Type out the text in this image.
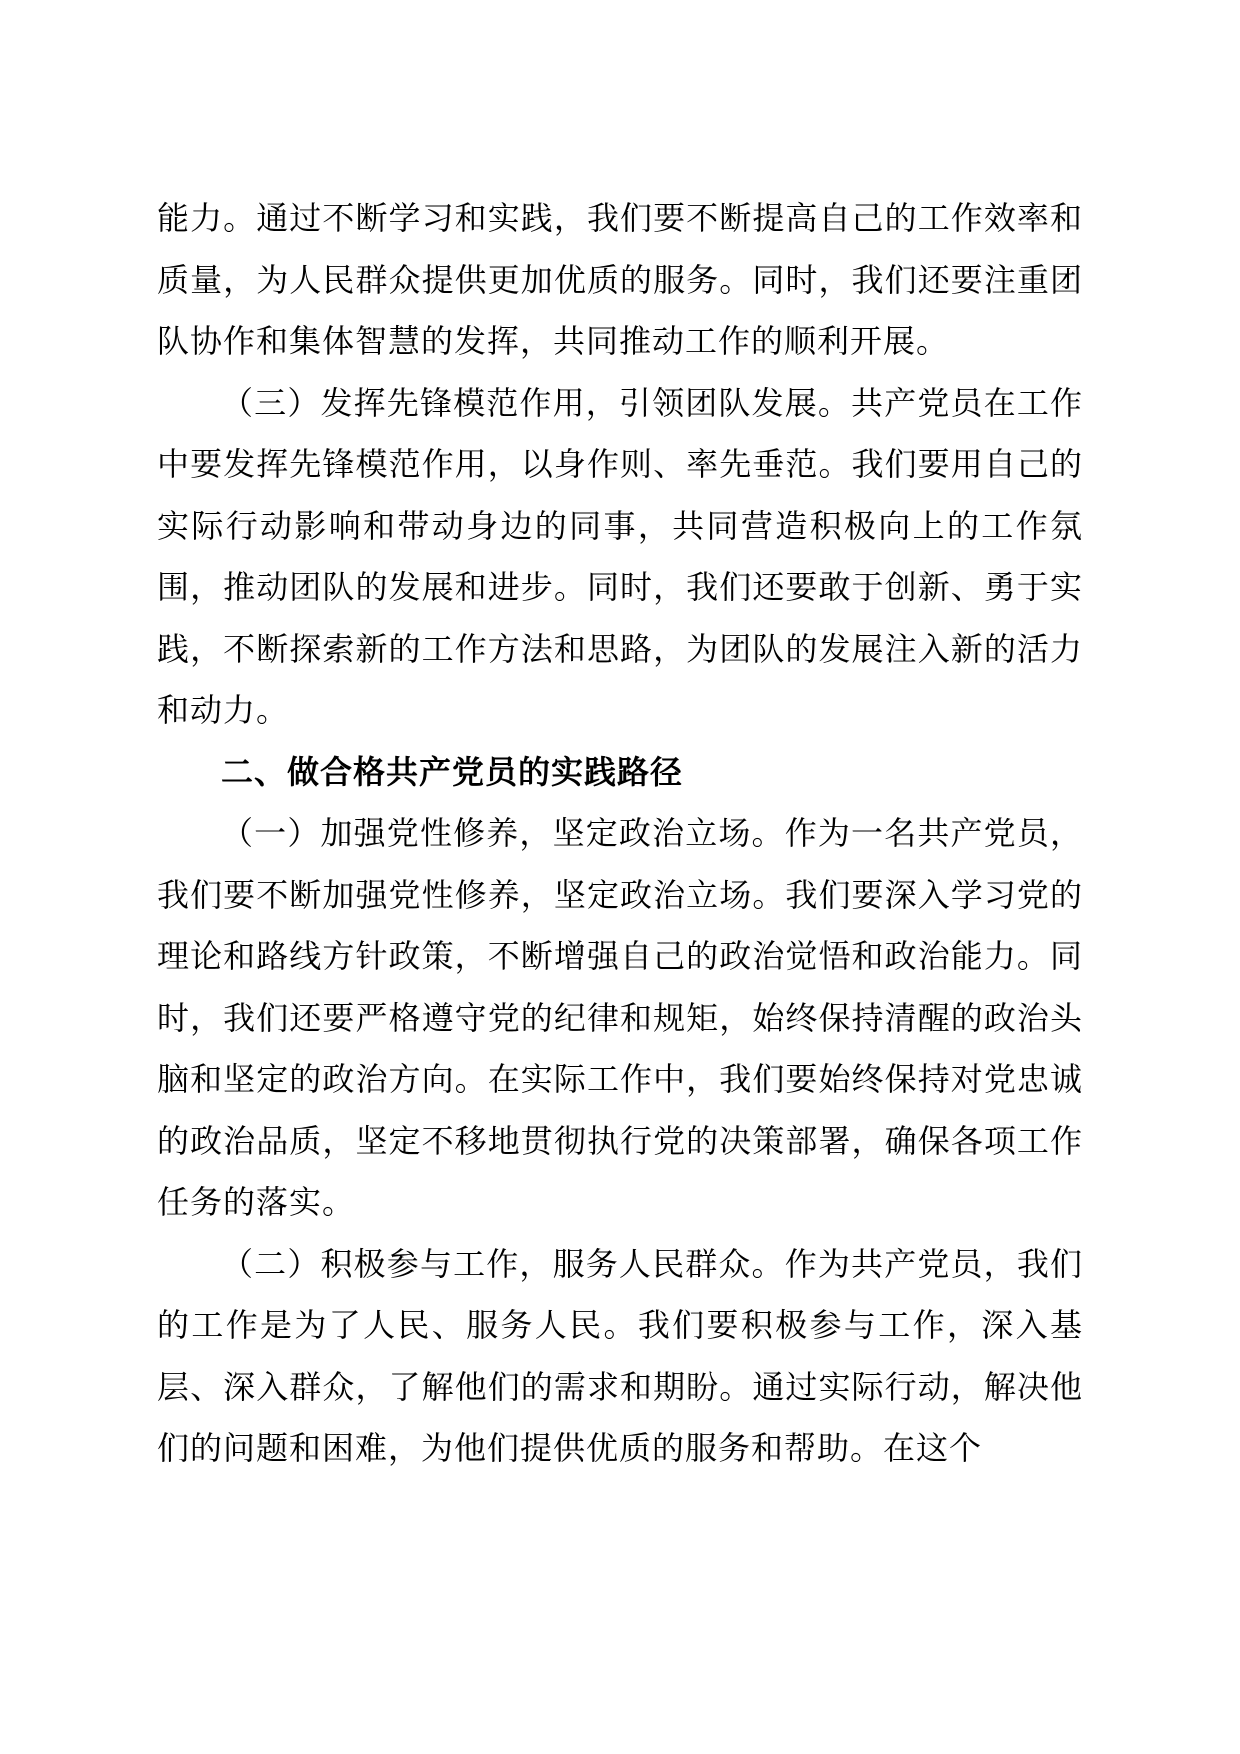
能力。通过不断学习和实践，我们要不断提高自己的工作效率和质量，为人民群众提供更加优质的服务。同时，我们还要注重团队协作和集体智慧的发挥，共同推动工作的顺利开展。

（三）发挥先锋模范作用，引领团队发展。共产党员在工作中要发挥先锋模范作用，以身作则、率先垂范。我们要用自己的实际行动影响和带动身边的同事，共同营造积极向上的工作氛围，推动团队的发展和进步。同时，我们还要敢于创新、勇于实践，不断探索新的工作方法和思路，为团队的发展注入新的活力和动力。

二、做合格共产党员的实践路径

（一）加强党性修养，坚定政治立场。作为一名共产党员，我们要不断加强党性修养，坚定政治立场。我们要深入学习党的理论和路线方针政策，不断增强自己的政治觉悟和政治能力。同时，我们还要严格遵守党的纪律和规矩，始终保持清醒的政治头脑和坚定的政治方向。在实际工作中，我们要始终保持对党忠诚的政治品质，坚定不移地贯彻执行党的决策部署，确保各项工作任务的落实。

（二）积极参与工作，服务人民群众。作为共产党员，我们的工作是为了人民、服务人民。我们要积极参与工作，深入基层、深入群众，了解他们的需求和期盼。通过实际行动，解决他们的问题和困难，为他们提供优质的服务和帮助。在这个
